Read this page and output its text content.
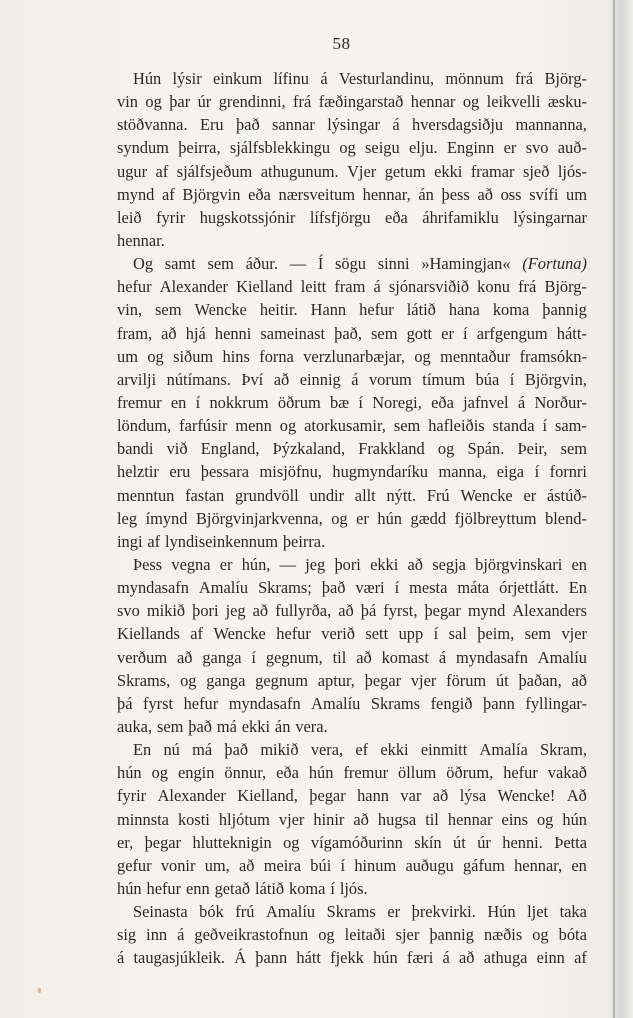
58
Hún lýsir einkum lífinu á Vesturlandinu, mönnum frá Björg-
vin og þar úr grendinni, frá fæðingarstað hennar og leikvelli æsku-
stöðvanna. Eru það sannar lýsingar á hversdagsiðju mannanna,
syndum þeirra, sjálfsblekkingu og seigu elju. Enginn er svo auð-
ugur af sjálfsjeðum athugunum. Vjer getum ekki framar sjeð ljós-
mynd af Björgvin eða nærsveitum hennar, án þess að oss svífi um
leið fyrir hugskotssjónir lífsfjörgu eða áhrifamiklu lýsingarnar
hennar.
Og samt sem áður. — Í sögu sinni »Hamingjan« (Fortuna)
hefur Alexander Kielland leitt fram á sjónarsviðið konu frá Björg-
vin, sem Wencke heitir. Hann hefur látið hana koma þannig
fram, að hjá henni sameinast það, sem gott er í arfgengum hátt-
um og siðum hins forna verzlunarbæjar, og menntaður framsókn-
arvilji nútímans. Því að einnig á vorum tímum búa í Björgvin,
fremur en í nokkrum öðrum bæ í Noregi, eða jafnvel á Norður-
löndum, farfúsir menn og atorkusamir, sem hafleiðis standa í sam-
bandi við England, Þýzkaland, Frakkland og Spán. Þeir, sem
helztir eru þessara misjöfnu, hugmyndaríku manna, eiga í fornri
menntun fastan grundvöll undir allt nýtt. Frú Wencke er ástúð-
leg ímynd Björgvinjarkvenna, og er hún gædd fjölbreyttum blend-
ingi af lyndiseinkennum þeirra.
Þess vegna er hún, — jeg þori ekki að segja björgvinskari en
myndasafn Amalíu Skrams; það væri í mesta máta órjettlátt. En
svo mikið þori jeg að fullyrða, að þá fyrst, þegar mynd Alexanders
Kiellands af Wencke hefur verið sett upp í sal þeim, sem vjer
verðum að ganga í gegnum, til að komast á myndasafn Amalíu
Skrams, og ganga gegnum aptur, þegar vjer förum út þaðan, að
þá fyrst hefur myndasafn Amalíu Skrams fengið þann fyllingar-
auka, sem það má ekki án vera.
En nú má það mikið vera, ef ekki einmitt Amalía Skram,
hún og engin önnur, eða hún fremur öllum öðrum, hefur vakað
fyrir Alexander Kielland, þegar hann var að lýsa Wencke! Að
minnsta kosti hljótum vjer hinir að hugsa til hennar eins og hún
er, þegar hlutteknigin og vígamóðurinn skín út úr henni. Þetta
gefur vonir um, að meira búi í hinum auðugu gáfum hennar, en
hún hefur enn getað látið koma í ljós.
Seinasta bók frú Amalíu Skrams er þrekvirki. Hún ljet taka
sig inn á geðveikrastofnun og leitaði sjer þannig næðis og bóta
á taugasjúkleik. Á þann hátt fjekk hún færi á að athuga einn af
